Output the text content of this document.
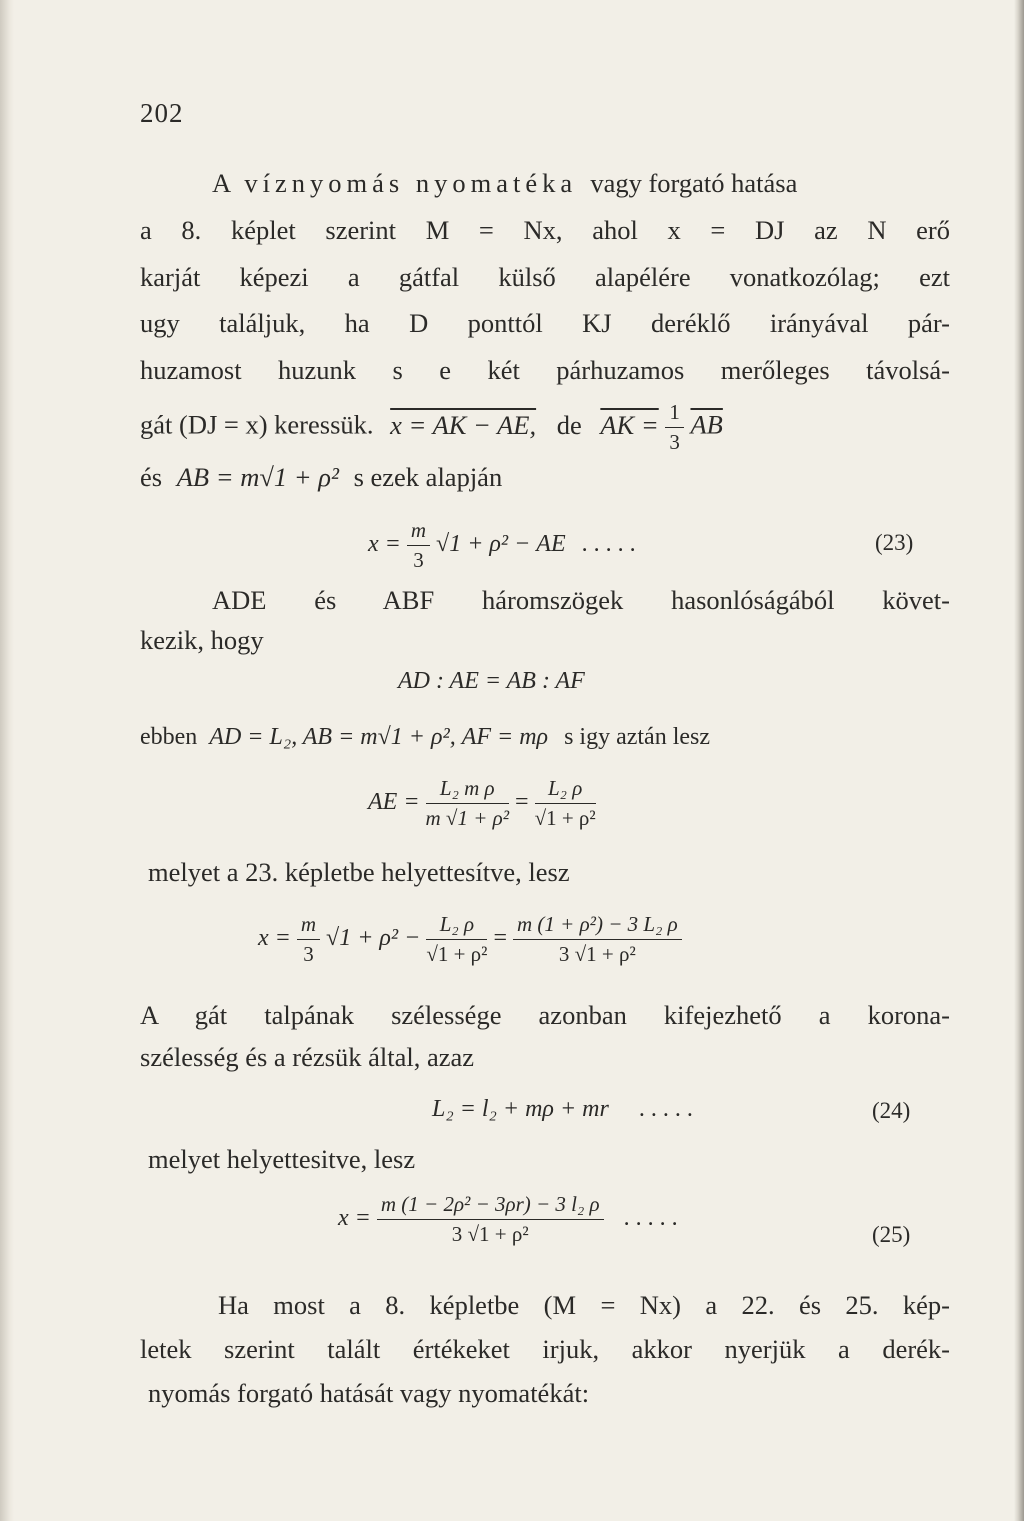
202
A víznyomás nyomatéka vagy forgató hatása
a 8. képlet szerint M = Nx, ahol x = DJ az N erő
karját képezi a gátfal külső alapélére vonatkozólag; ezt
ugy találjuk, ha D ponttól KJ deréklő irányával pár-
huzamost huzunk s e két párhuzamos merőleges távolsá-
gát (DJ = x) keressük. x = AK − AE, de AK = $\frac{1}{3} \overline{AB}$
és AB = m√1 + ρ² s ezek alapján
$x = \frac{m}{3} √1 + \rho^2$ − AE . . . . .	(23)
ADE és ABF háromszögek hasonlóságából követ-
kezik, hogy
AD : AE = AB : AF
ebben AD = L₂, AB = m√1 + ρ², AF = mρ s igy aztán lesz
AE = $\frac{\text{L₂ m ρ}}{\text{m √1 + ρ²}} = \frac{\text{L₂ ρ}}{\text{√1 + ρ²}}$
melyet a 23. képletbe helyettesítve, lesz
$x = \frac{m}{3} √1 + \rho^2 - \frac{\text{L₂ ρ}}{\text{√1 + ρ²}} = \frac{\text{m (1 + ρ²) − 3 L₂ ρ}}{\text{3 √1 + ρ²}}$
A gát talpának szélessége azonban kifejezhető a korona-
szélesség és a rézsük által, azaz
L₂ = l₂ + mρ + mr . . . . .	(24)
melyet helyettesitve, lesz
$x = \frac{\text{m (1 − 2ρ² − 3ρr) − 3 l₂ ρ}}{\text{3 √1 + ρ²}}$ . . . . .
(25)
Ha most a 8. képletbe (M = Nx) a 22. és 25. kép-
letek szerint talált értékeket irjuk, akkor nyerjük a derék-
nyomás forgató hatását vagy nyomatékát:
